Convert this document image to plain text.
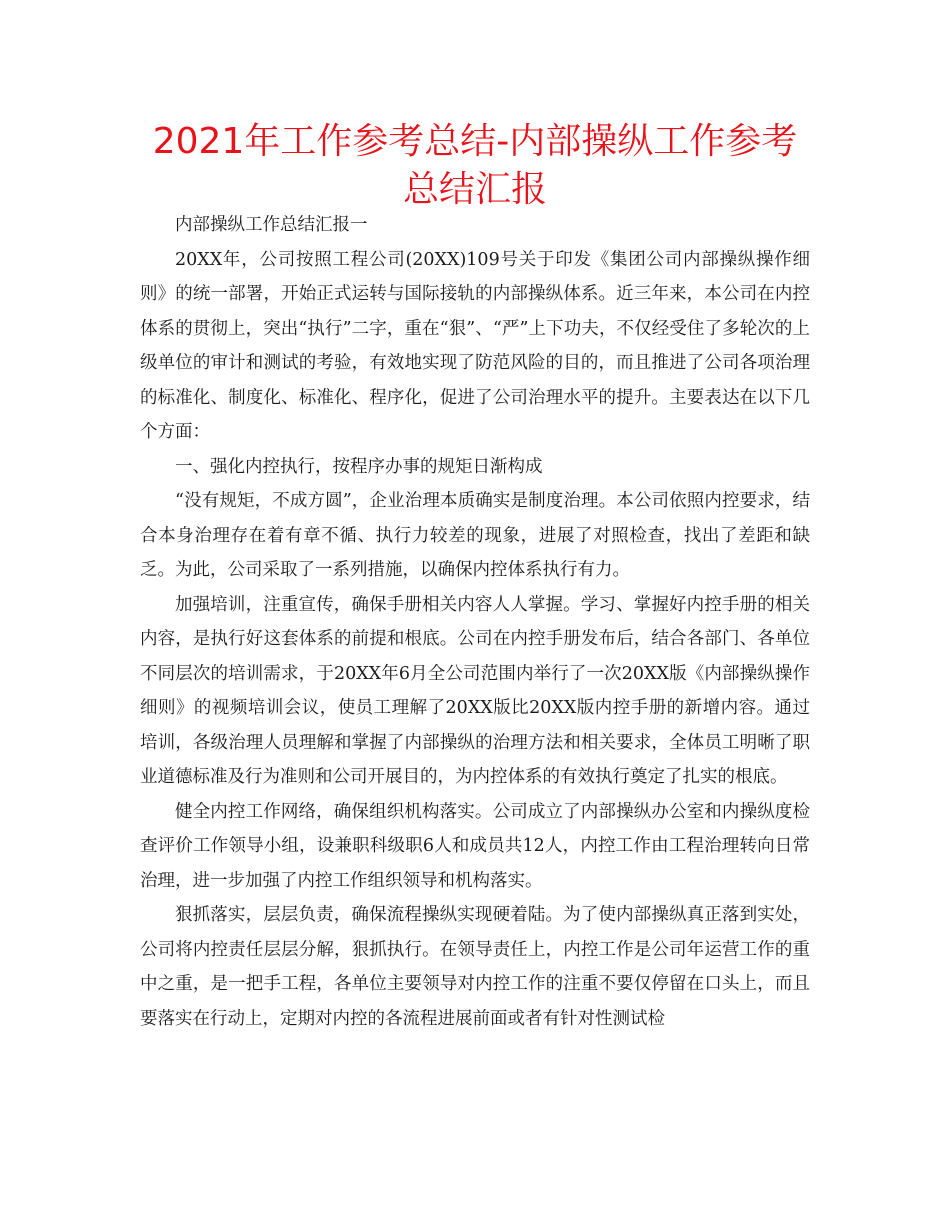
2021年工作参考总结-内部操纵工作参考总结汇报

内部操纵工作总结汇报一

20XX年，公司按照工程公司(20XX)109号关于印发《集团公司内部操纵操作细则》的统一部署，开始正式运转与国际接轨的内部操纵体系。近三年来，本公司在内控体系的贯彻上，突出“执行”二字，重在“狠”、“严”上下功夫，不仅经受住了多轮次的上级单位的审计和测试的考验，有效地实现了防范风险的目的，而且推进了公司各项治理的标准化、制度化、标准化、程序化，促进了公司治理水平的提升。主要表达在以下几个方面：

一、强化内控执行，按程序办事的规矩日渐构成

“没有规矩，不成方圆”，企业治理本质确实是制度治理。本公司依照内控要求，结合本身治理存在着有章不循、执行力较差的现象，进展了对照检查，找出了差距和缺乏。为此，公司采取了一系列措施，以确保内控体系执行有力。

加强培训，注重宣传，确保手册相关内容人人掌握。学习、掌握好内控手册的相关内容，是执行好这套体系的前提和根底。公司在内控手册发布后，结合各部门、各单位不同层次的培训需求，于20XX年6月全公司范围内举行了一次20XX版《内部操纵操作细则》的视频培训会议，使员工理解了20XX版比20XX版内控手册的新增内容。通过培训，各级治理人员理解和掌握了内部操纵的治理方法和相关要求，全体员工明晰了职业道德标准及行为准则和公司开展目的，为内控体系的有效执行奠定了扎实的根底。

健全内控工作网络，确保组织机构落实。公司成立了内部操纵办公室和内操纵度检查评价工作领导小组，设兼职科级职6人和成员共12人，内控工作由工程治理转向日常治理，进一步加强了内控工作组织领导和机构落实。

狠抓落实，层层负责，确保流程操纵实现硬着陆。为了使内部操纵真正落到实处，公司将内控责任层层分解，狠抓执行。在领导责任上，内控工作是公司年运营工作的重中之重，是一把手工程，各单位主要领导对内控工作的注重不要仅停留在口头上，而且要落实在行动上，定期对内控的各流程进展前面或者有针对性测试检
